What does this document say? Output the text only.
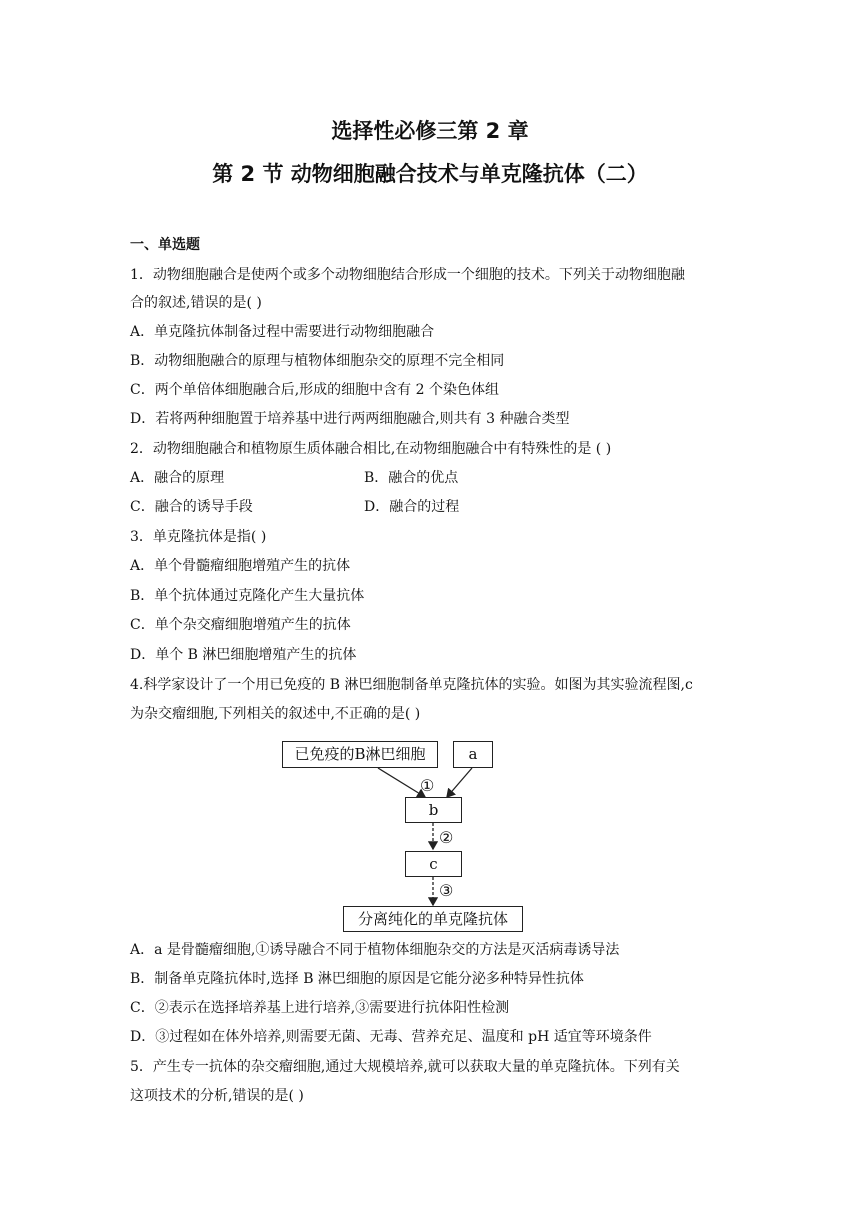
选择性必修三第 2 章
第 2 节 动物细胞融合技术与单克隆抗体（二）
一、单选题
1．动物细胞融合是使两个或多个动物细胞结合形成一个细胞的技术。下列关于动物细胞融
合的叙述,错误的是( )
A．单克隆抗体制备过程中需要进行动物细胞融合
B．动物细胞融合的原理与植物体细胞杂交的原理不完全相同
C．两个单倍体细胞融合后,形成的细胞中含有 2 个染色体组
D．若将两种细胞置于培养基中进行两两细胞融合,则共有 3 种融合类型
2．动物细胞融合和植物原生质体融合相比,在动物细胞融合中有特殊性的是 ( )
A．融合的原理	B．融合的优点
C．融合的诱导手段	D．融合的过程
3．单克隆抗体是指( )
A．单个骨髓瘤细胞增殖产生的抗体
B．单个抗体通过克隆化产生大量抗体
C．单个杂交瘤细胞增殖产生的抗体
D．单个 B 淋巴细胞增殖产生的抗体
4.科学家设计了一个用已免疫的 B 淋巴细胞制备单克隆抗体的实验。如图为其实验流程图,c
为杂交瘤细胞,下列相关的叙述中,不正确的是( )
已免疫的B淋巴细胞	a
b
c
分离纯化的单克隆抗体
①
②
③
A．a 是骨髓瘤细胞,①诱导融合不同于植物体细胞杂交的方法是灭活病毒诱导法
B．制备单克隆抗体时,选择 B 淋巴细胞的原因是它能分泌多种特异性抗体
C．②表示在选择培养基上进行培养,③需要进行抗体阳性检测
D．③过程如在体外培养,则需要无菌、无毒、营养充足、温度和 pH 适宜等环境条件
5．产生专一抗体的杂交瘤细胞,通过大规模培养,就可以获取大量的单克隆抗体。下列有关
这项技术的分析,错误的是( )
